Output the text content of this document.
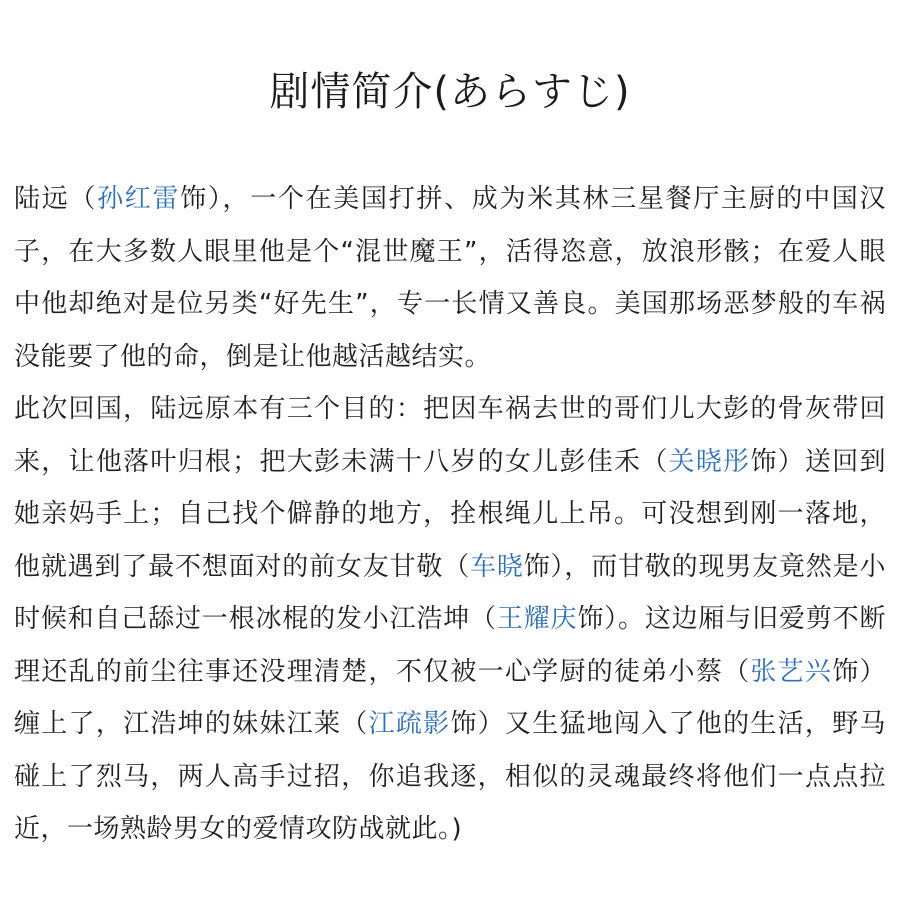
剧情简介(あらすじ)

陆远（孙红雷饰），一个在美国打拼、成为米其林三星餐厅主厨的中国汉子，在大多数人眼里他是个“混世魔王”，活得恣意，放浪形骸；在爱人眼中他却绝对是位另类“好先生”，专一长情又善良。美国那场恶梦般的车祸没能要了他的命，倒是让他越活越结实。

此次回国，陆远原本有三个目的：把因车祸去世的哥们儿大彭的骨灰带回来，让他落叶归根；把大彭未满十八岁的女儿彭佳禾（关晓彤饰）送回到她亲妈手上；自己找个僻静的地方，拴根绳儿上吊。可没想到刚一落地，他就遇到了最不想面对的前女友甘敬（车晓饰），而甘敬的现男友竟然是小时候和自己舔过一根冰棍的发小江浩坤（王耀庆饰）。这边厢与旧爱剪不断理还乱的前尘往事还没理清楚，不仅被一心学厨的徒弟小蔡（张艺兴饰）缠上了，江浩坤的妹妹江莱（江疏影饰）又生猛地闯入了他的生活，野马碰上了烈马，两人高手过招，你追我逐，相似的灵魂最终将他们一点点拉近，一场熟龄男女的爱情攻防战就此。)
